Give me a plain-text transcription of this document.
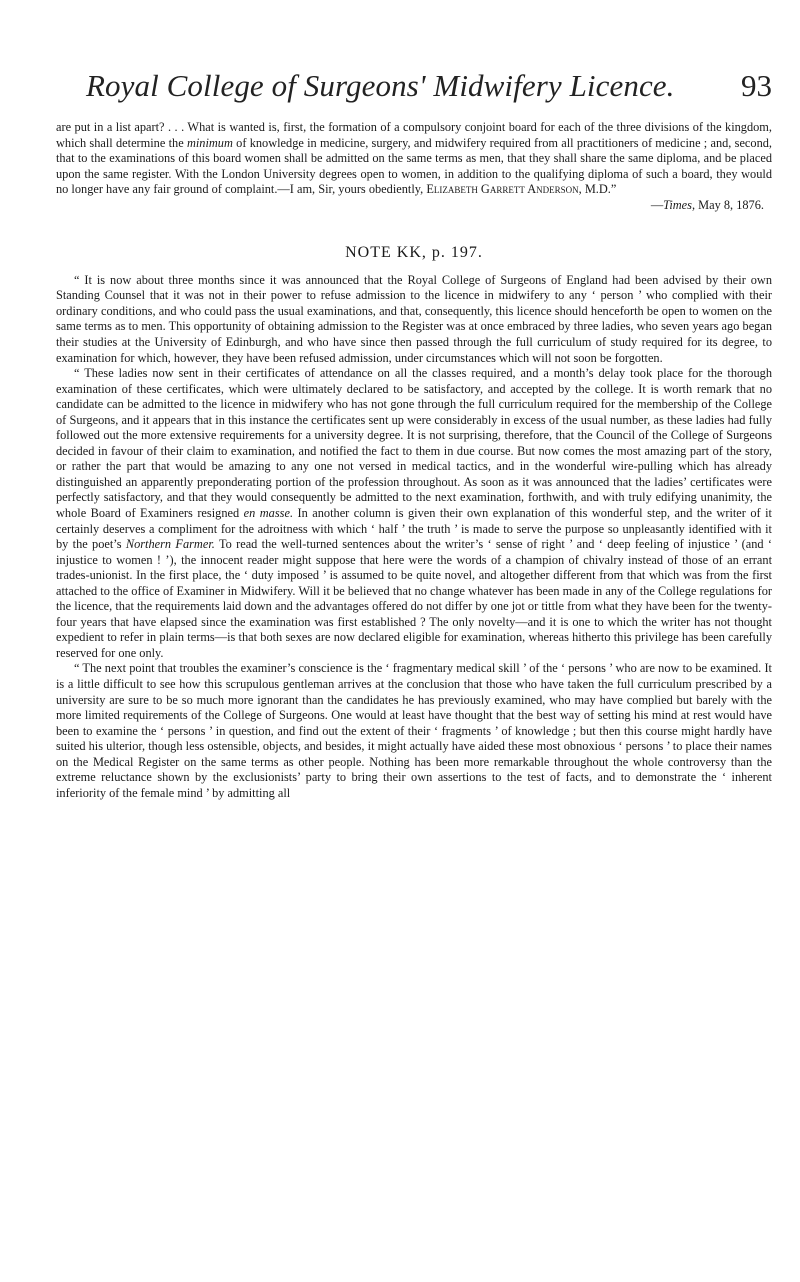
Royal College of Surgeons' Midwifery Licence. 93

are put in a list apart? . . . What is wanted is, first, the formation of a compulsory conjoint board for each of the three divisions of the kingdom, which shall determine the minimum of knowledge in medicine, surgery, and midwifery required from all practitioners of medicine ; and, second, that to the examinations of this board women shall be admitted on the same terms as men, that they shall share the same diploma, and be placed upon the same register. With the London University degrees open to women, in addition to the qualifying diploma of such a board, they would no longer have any fair ground of complaint.—I am, Sir, yours obediently, Elizabeth Garrett Anderson, M.D.”

—Times, May 8, 1876.
NOTE KK, p. 197.

“ It is now about three months since it was announced that the Royal College of Surgeons of England had been advised by their own Standing Counsel that it was not in their power to refuse admission to the licence in midwifery to any ‘ person ’ who complied with their ordinary conditions, and who could pass the usual examinations, and that, consequently, this licence should henceforth be open to women on the same terms as to men. This opportunity of obtaining admission to the Register was at once embraced by three ladies, who seven years ago began their studies at the University of Edinburgh, and who have since then passed through the full curriculum of study required for its degree, to examination for which, however, they have been refused admission, under circumstances which will not soon be forgotten.

“ These ladies now sent in their certificates of attendance on all the classes required, and a month’s delay took place for the thorough examination of these certificates, which were ultimately declared to be satisfactory, and accepted by the college. It is worth remark that no candidate can be admitted to the licence in midwifery who has not gone through the full curriculum required for the membership of the College of Surgeons, and it appears that in this instance the certificates sent up were considerably in excess of the usual number, as these ladies had fully followed out the more extensive requirements for a university degree. It is not surprising, therefore, that the Council of the College of Surgeons decided in favour of their claim to examination, and notified the fact to them in due course. But now comes the most amazing part of the story, or rather the part that would be amazing to any one not versed in medical tactics, and in the wonderful wire-pulling which has already distinguished an apparently preponderating portion of the profession throughout. As soon as it was announced that the ladies’ certificates were perfectly satisfactory, and that they would consequently be admitted to the next examination, forthwith, and with truly edifying unanimity, the whole Board of Examiners resigned en masse. In another column is given their own explanation of this wonderful step, and the writer of it certainly deserves a compliment for the adroitness with which ‘ half ’ the truth ’ is made to serve the purpose so unpleasantly identified with it by the poet’s Northern Farmer. To read the well-turned sentences about the writer’s ‘ sense of right ’ and ‘ deep feeling of injustice ’ (and ‘ injustice to women ! ’), the innocent reader might suppose that here were the words of a champion of chivalry instead of those of an errant trades-unionist. In the first place, the ‘ duty imposed ’ is assumed to be quite novel, and altogether different from that which was from the first attached to the office of Examiner in Midwifery. Will it be believed that no change whatever has been made in any of the College regulations for the licence, that the requirements laid down and the advantages offered do not differ by one jot or tittle from what they have been for the twenty-four years that have elapsed since the examination was first established ? The only novelty—and it is one to which the writer has not thought expedient to refer in plain terms—is that both sexes are now declared eligible for examination, whereas hitherto this privilege has been carefully reserved for one only.

“ The next point that troubles the examiner’s conscience is the ‘ fragmentary medical skill ’ of the ‘ persons ’ who are now to be examined. It is a little difficult to see how this scrupulous gentleman arrives at the conclusion that those who have taken the full curriculum prescribed by a university are sure to be so much more ignorant than the candidates he has previously examined, who may have complied but barely with the more limited requirements of the College of Surgeons. One would at least have thought that the best way of setting his mind at rest would have been to examine the ‘ persons ’ in question, and find out the extent of their ‘ fragments ’ of knowledge ; but then this course might hardly have suited his ulterior, though less ostensible, objects, and besides, it might actually have aided these most obnoxious ‘ persons ’ to place their names on the Medical Register on the same terms as other people. Nothing has been more remarkable throughout the whole controversy than the extreme reluctance shown by the exclusionists’ party to bring their own assertions to the test of facts, and to demonstrate the ‘ inherent inferiority of the female mind ’ by admitting all
